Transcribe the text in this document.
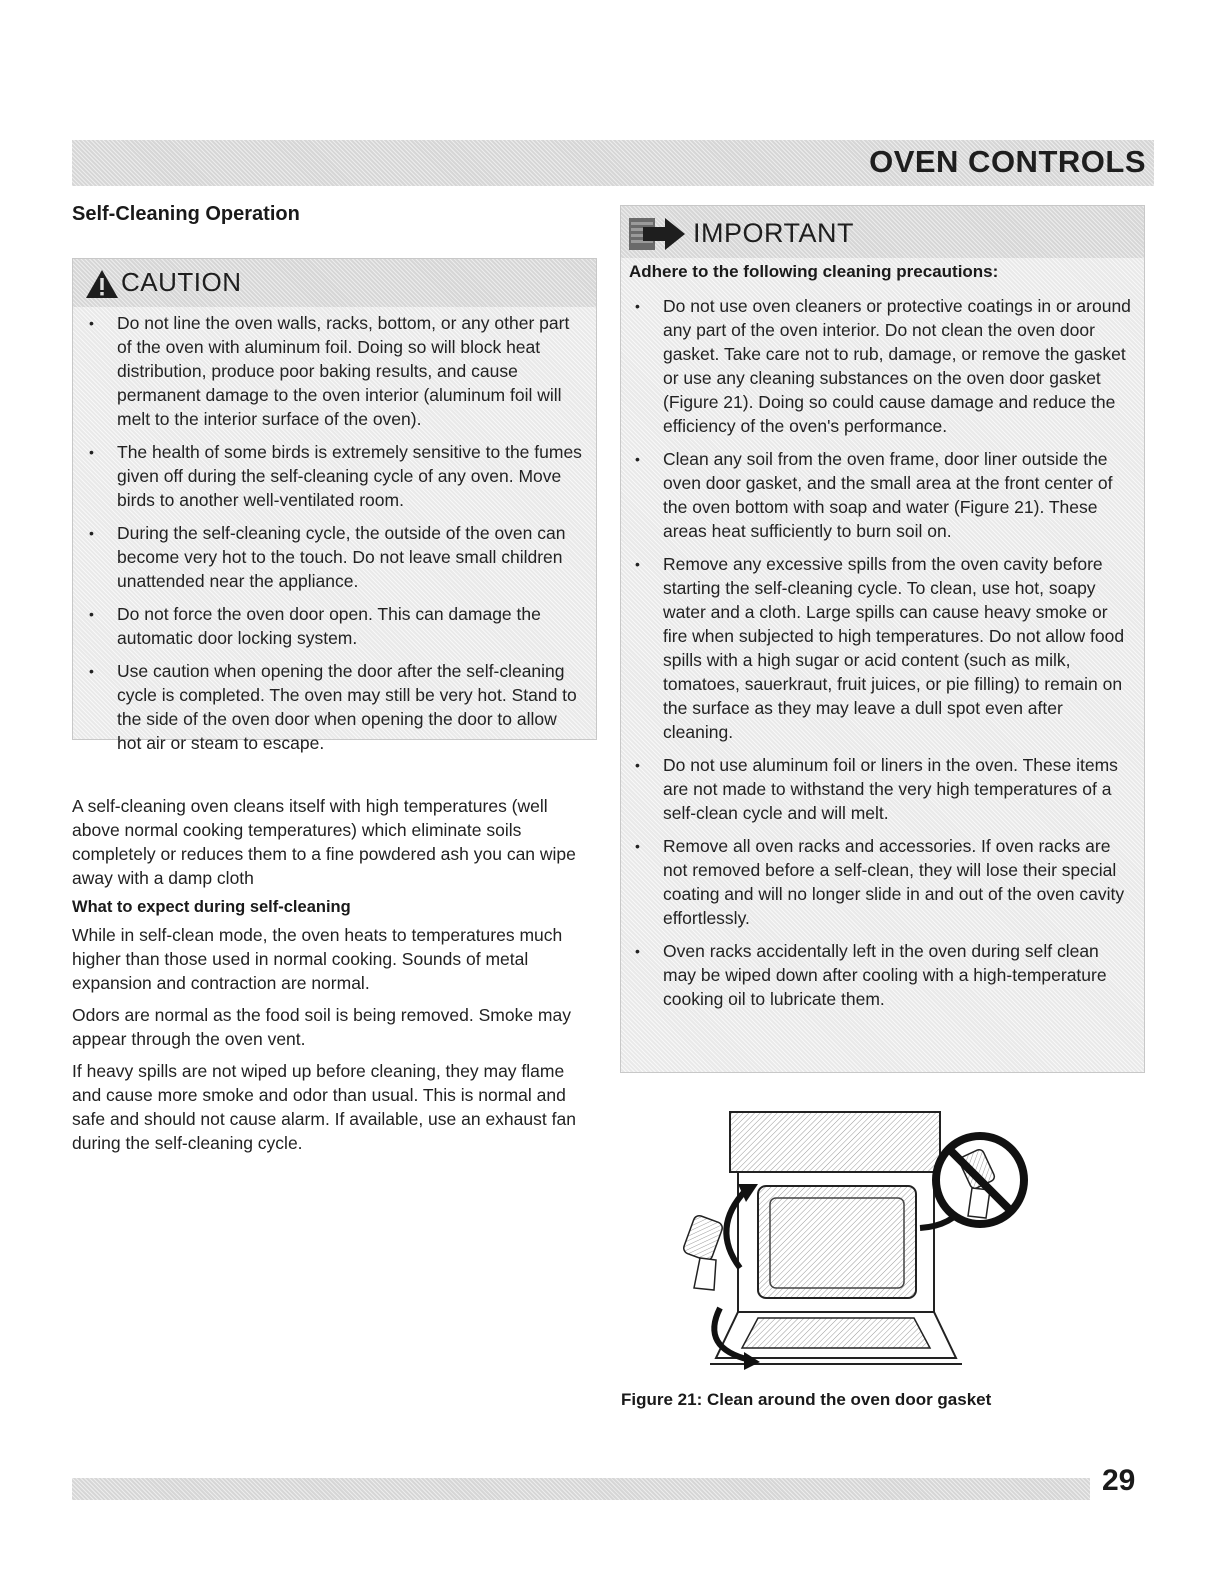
OVEN CONTROLS
Self-Cleaning Operation
CAUTION
• Do not line the oven walls, racks, bottom, or any other part of the oven with aluminum foil. Doing so will block heat distribution, produce poor baking results, and cause permanent damage to the oven interior (aluminum foil will melt to the interior surface of the oven).
• The health of some birds is extremely sensitive to the fumes given off during the self-cleaning cycle of any oven. Move birds to another well-ventilated room.
• During the self-cleaning cycle, the outside of the oven can become very hot to the touch. Do not leave small children unattended near the appliance.
• Do not force the oven door open. This can damage the automatic door locking system.
• Use caution when opening the door after the self-cleaning cycle is completed. The oven may still be very hot. Stand to the side of the oven door when opening the door to allow hot air or steam to escape.

A self-cleaning oven cleans itself with high temperatures (well above normal cooking temperatures) which eliminate soils completely or reduces them to a fine powdered ash you can wipe away with a damp cloth

What to expect during self-cleaning

While in self-clean mode, the oven heats to temperatures much higher than those used in normal cooking. Sounds of metal expansion and contraction are normal.

Odors are normal as the food soil is being removed. Smoke may appear through the oven vent.

If heavy spills are not wiped up before cleaning, they may flame and cause more smoke and odor than usual. This is normal and safe and should not cause alarm. If available, use an exhaust fan during the self-cleaning cycle.

IMPORTANT
Adhere to the following cleaning precautions:
• Do not use oven cleaners or protective coatings in or around any part of the oven interior. Do not clean the oven door gasket. Take care not to rub, damage, or remove the gasket or use any cleaning substances on the oven door gasket (Figure 21). Doing so could cause damage and reduce the efficiency of the oven's performance.
• Clean any soil from the oven frame, door liner outside the oven door gasket, and the small area at the front center of the oven bottom with soap and water (Figure 21). These areas heat sufficiently to burn soil on.
• Remove any excessive spills from the oven cavity before starting the self-cleaning cycle. To clean, use hot, soapy water and a cloth. Large spills can cause heavy smoke or fire when subjected to high temperatures. Do not allow food spills with a high sugar or acid content (such as milk, tomatoes, sauerkraut, fruit juices, or pie filling) to remain on the surface as they may leave a dull spot even after cleaning.
• Do not use aluminum foil or liners in the oven. These items are not made to withstand the very high temperatures of a self-clean cycle and will melt.
• Remove all oven racks and accessories. If oven racks are not removed before a self-clean, they will lose their special coating and will no longer slide in and out of the oven cavity effortlessly.
• Oven racks accidentally left in the oven during self clean may be wiped down after cooling with a high-temperature cooking oil to lubricate them.
Figure 21: Clean around the oven door gasket
29
